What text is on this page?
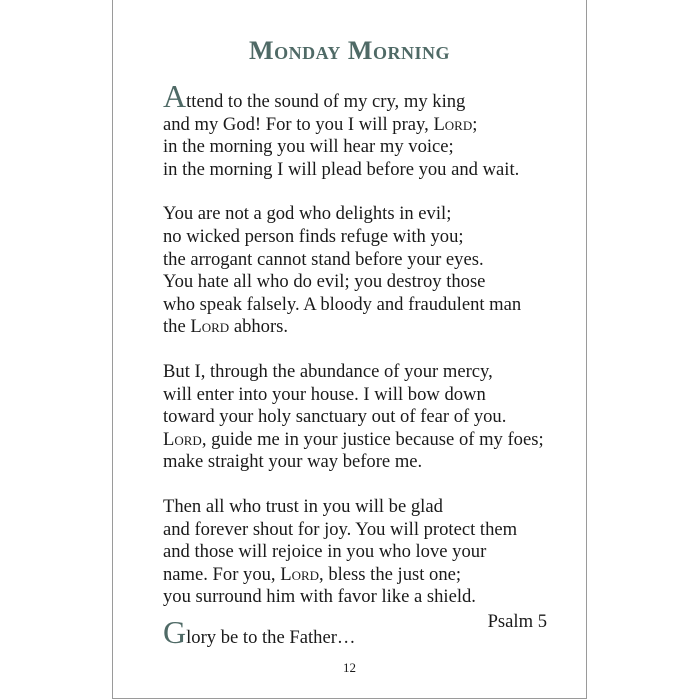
Monday Morning
Attend to the sound of my cry, my king
and my God! For to you I will pray, Lord;
in the morning you will hear my voice;
in the morning I will plead before you and wait.
You are not a god who delights in evil;
no wicked person finds refuge with you;
the arrogant cannot stand before your eyes.
You hate all who do evil; you destroy those
who speak falsely. A bloody and fraudulent man
the Lord abhors.
But I, through the abundance of your mercy,
will enter into your house. I will bow down
toward your holy sanctuary out of fear of you.
Lord, guide me in your justice because of my foes;
make straight your way before me.
Then all who trust in you will be glad
and forever shout for joy. You will protect them
and those will rejoice in you who love your
name. For you, Lord, bless the just one;
you surround him with favor like a shield.
Psalm 5
Glory be to the Father…
12
